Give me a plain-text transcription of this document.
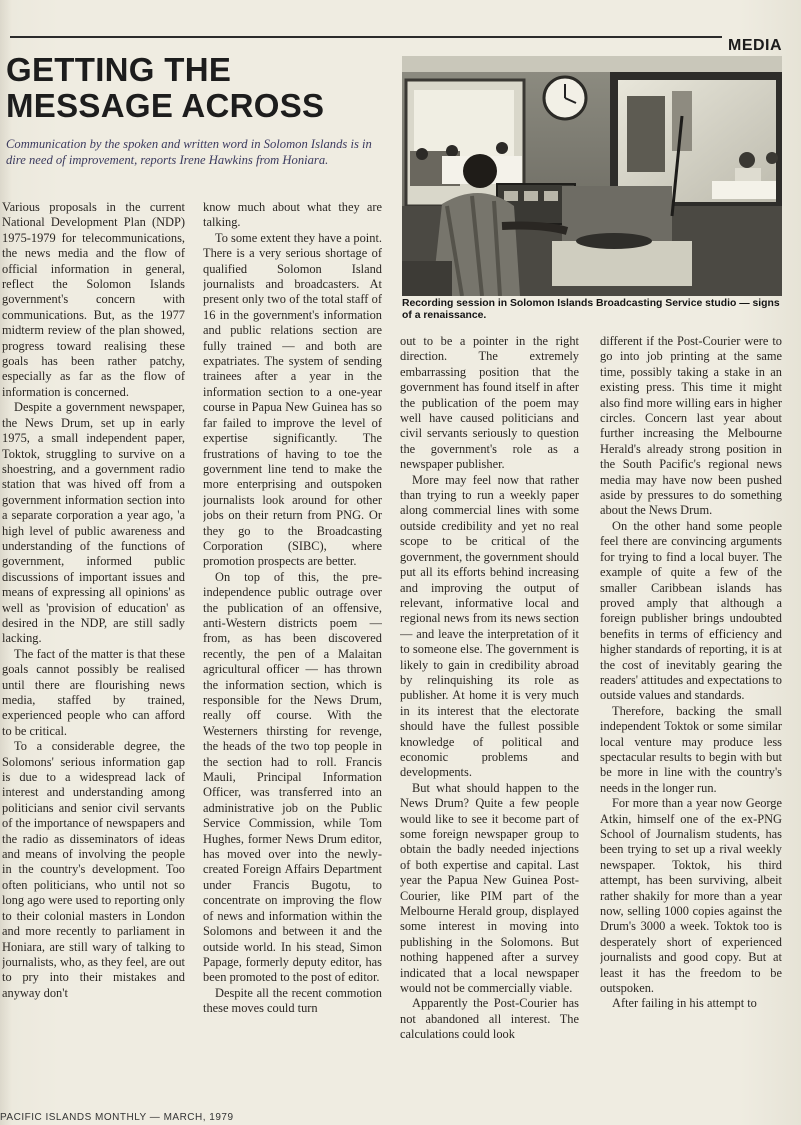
MEDIA
GETTING THE MESSAGE ACROSS
Communication by the spoken and written word in Solomon Islands is in dire need of improvement, reports Irene Hawkins from Honiara.
Recording session in Solomon Islands Broadcasting Service studio — signs of a renaissance.

Various proposals in the current National Development Plan (NDP) 1975-1979 for telecommunications, the news media and the flow of official information in general, reflect the Solomon Islands government's concern with communications. But, as the 1977 midterm review of the plan showed, progress toward realising these goals has been rather patchy, especially as far as the flow of information is concerned.

Despite a government newspaper, the News Drum, set up in early 1975, a small independent paper, Toktok, struggling to survive on a shoestring, and a government radio station that was hived off from a government information section into a separate corporation a year ago, 'a high level of public awareness and understanding of the functions of government, informed public discussions of important issues and means of expressing all opinions' as well as 'provision of education' as desired in the NDP, are still sadly lacking.

The fact of the matter is that these goals cannot possibly be realised until there are flourishing news media, staffed by trained, experienced people who can afford to be critical.

To a considerable degree, the Solomons' serious information gap is due to a widespread lack of interest and understanding among politicians and senior civil servants of the importance of newspapers and the radio as disseminators of ideas and means of involving the people in the country's development. Too often politicians, who until not so long ago were used to reporting only to their colonial masters in London and more recently to parliament in Honiara, are still wary of talking to journalists, who, as they feel, are out to pry into their mistakes and anyway don't

know much about what they are talking.

To some extent they have a point. There is a very serious shortage of qualified Solomon Island journalists and broadcasters. At present only two of the total staff of 16 in the government's information and public relations section are fully trained — and both are expatriates. The system of sending trainees after a year in the information section to a one-year course in Papua New Guinea has so far failed to improve the level of expertise significantly. The frustrations of having to toe the government line tend to make the more enterprising and outspoken journalists look around for other jobs on their return from PNG. Or they go to the Broadcasting Corporation (SIBC), where promotion prospects are better.

On top of this, the pre-independence public outrage over the publication of an offensive, anti-Western districts poem — from, as has been discovered recently, the pen of a Malaitan agricultural officer — has thrown the information section, which is responsible for the News Drum, really off course. With the Westerners thirsting for revenge, the heads of the two top people in the section had to roll. Francis Mauli, Principal Information Officer, was transferred into an administrative job on the Public Service Commission, while Tom Hughes, former News Drum editor, has moved over into the newly-created Foreign Affairs Department under Francis Bugotu, to concentrate on improving the flow of news and information within the Solomons and between it and the outside world. In his stead, Simon Papage, formerly deputy editor, has been promoted to the post of editor.

Despite all the recent commotion these moves could turn

out to be a pointer in the right direction. The extremely embarrassing position that the government has found itself in after the publication of the poem may well have caused politicians and civil servants seriously to question the government's role as a newspaper publisher.

More may feel now that rather than trying to run a weekly paper along commercial lines with some outside credibility and yet no real scope to be critical of the government, the government should put all its efforts behind increasing and improving the output of relevant, informative local and regional news from its news section — and leave the interpretation of it to someone else. The government is likely to gain in credibility abroad by relinquishing its role as publisher. At home it is very much in its interest that the electorate should have the fullest possible knowledge of political and economic problems and developments.

But what should happen to the News Drum? Quite a few people would like to see it become part of some foreign newspaper group to obtain the badly needed injections of both expertise and capital. Last year the Papua New Guinea Post-Courier, like PIM part of the Melbourne Herald group, displayed some interest in moving into publishing in the Solomons. But nothing happened after a survey indicated that a local newspaper would not be commercially viable.

Apparently the Post-Courier has not abandoned all interest. The calculations could look

different if the Post-Courier were to go into job printing at the same time, possibly taking a stake in an existing press. This time it might also find more willing ears in higher circles. Concern last year about further increasing the Melbourne Herald's already strong position in the South Pacific's regional news media may have now been pushed aside by pressures to do something about the News Drum.

On the other hand some people feel there are convincing arguments for trying to find a local buyer. The example of quite a few of the smaller Caribbean islands has proved amply that although a foreign publisher brings undoubted benefits in terms of efficiency and higher standards of reporting, it is at the cost of inevitably gearing the readers' attitudes and expectations to outside values and standards.

Therefore, backing the small independent Toktok or some similar local venture may produce less spectacular results to begin with but be more in line with the country's needs in the longer run.

For more than a year now George Atkin, himself one of the ex-PNG School of Journalism students, has been trying to set up a rival weekly newspaper. Toktok, his third attempt, has been surviving, albeit rather shakily for more than a year now, selling 1000 copies against the Drum's 3000 a week. Toktok too is desperately short of experienced journalists and good copy. But at least it has the freedom to be outspoken.

After failing in his attempt to

PACIFIC ISLANDS MONTHLY — MARCH, 1979
